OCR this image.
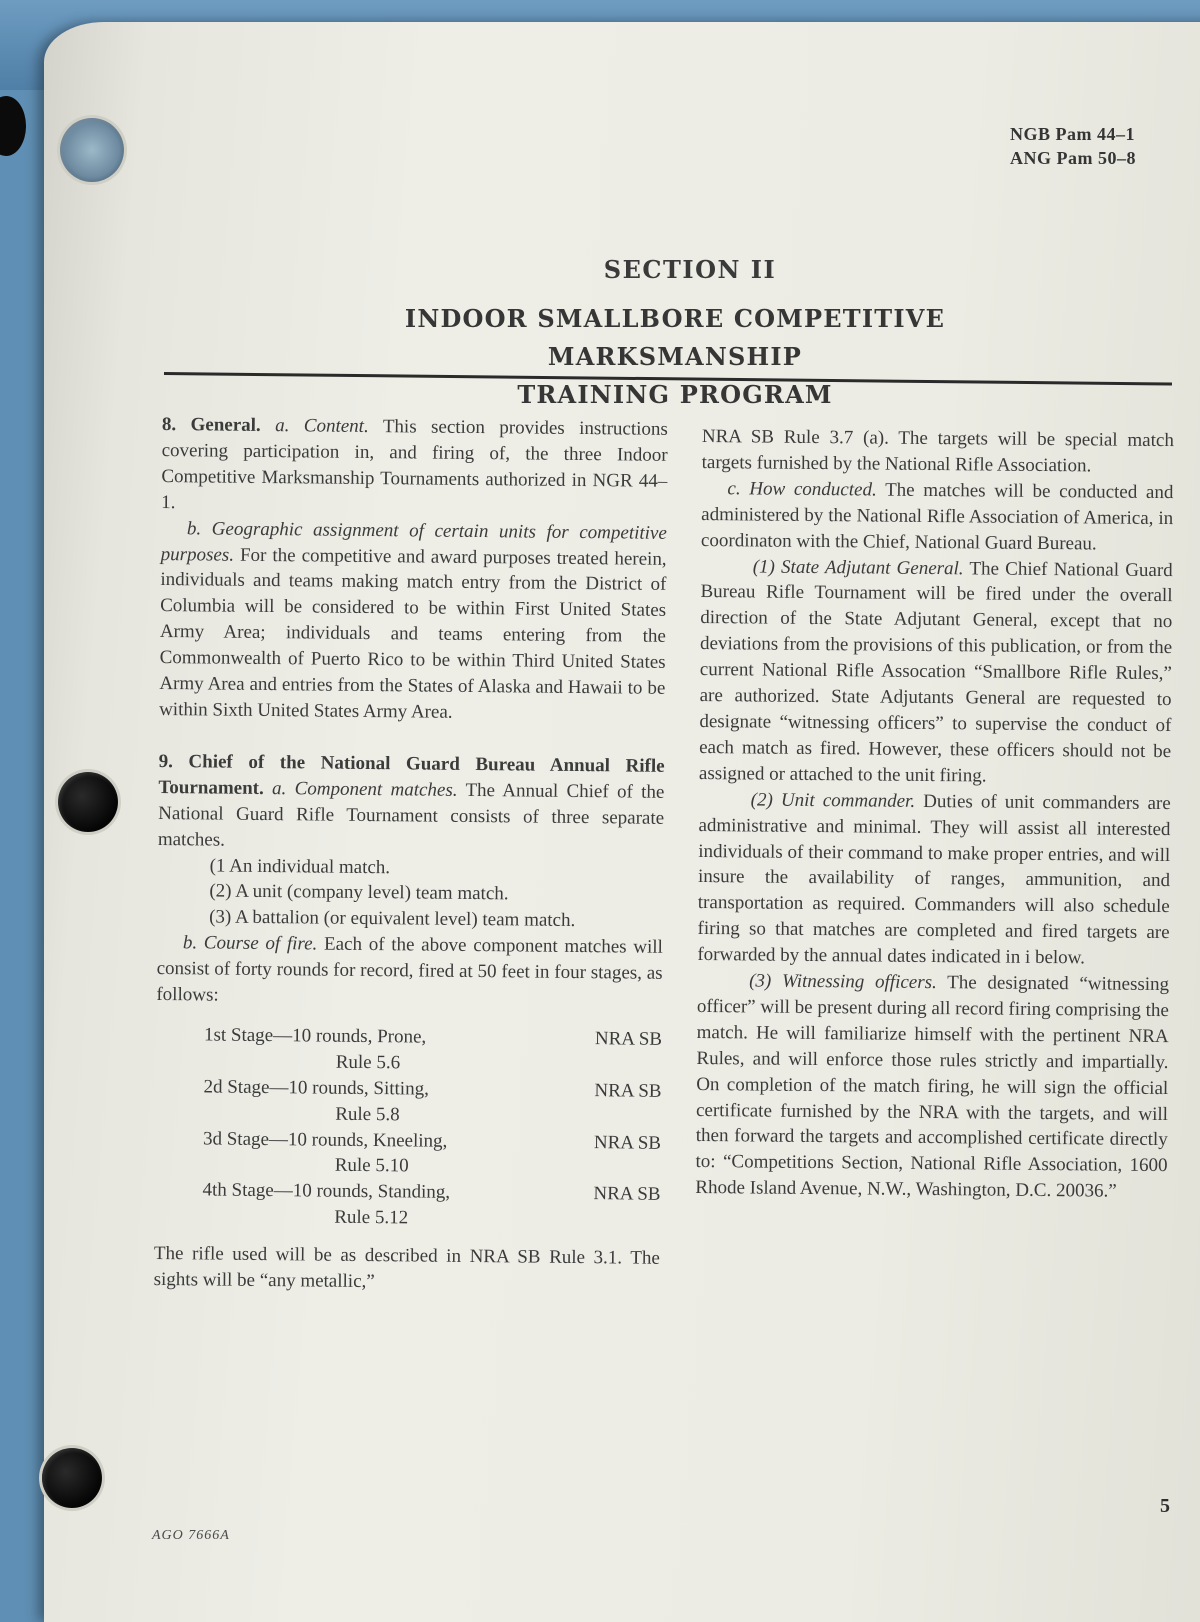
NGB Pam 44–1
ANG Pam 50–8
SECTION II
INDOOR SMALLBORE COMPETITIVE MARKSMANSHIP
TRAINING PROGRAM

8. General. a. Content. This section provides instructions covering participation in, and firing of, the three Indoor Competitive Marksmanship Tournaments authorized in NGR 44–1.

b. Geographic assignment of certain units for competitive purposes. For the competitive and award purposes treated herein, individuals and teams making match entry from the District of Columbia will be considered to be within First United States Army Area; individuals and teams entering from the Commonwealth of Puerto Rico to be within Third United States Army Area and entries from the States of Alaska and Hawaii to be within Sixth United States Army Area.

9. Chief of the National Guard Bureau Annual Rifle Tournament. a. Component matches. The Annual Chief of the National Guard Rifle Tournament consists of three separate matches.

(1 An individual match.

(2) A unit (company level) team match.

(3) A battalion (or equivalent level) team match.

b. Course of fire. Each of the above component matches will consist of forty rounds for record, fired at 50 feet in four stages, as follows:

1st Stage—10 rounds, Prone,	NRA SB
Rule 5.6
2d Stage—10 rounds, Sitting,	NRA SB
Rule 5.8
3d Stage—10 rounds, Kneeling,	NRA SB
Rule 5.10
4th Stage—10 rounds, Standing,	NRA SB
Rule 5.12

The rifle used will be as described in NRA SB Rule 3.1. The sights will be “any metallic,”

NRA SB Rule 3.7 (a). The targets will be special match targets furnished by the National Rifle Association.

c. How conducted. The matches will be conducted and administered by the National Rifle Association of America, in coordinaton with the Chief, National Guard Bureau.

(1) State Adjutant General. The Chief National Guard Bureau Rifle Tournament will be fired under the overall direction of the State Adjutant General, except that no deviations from the provisions of this publication, or from the current National Rifle Assocation “Smallbore Rifle Rules,” are authorized. State Adjutants General are requested to designate “witnessing officers” to supervise the conduct of each match as fired. However, these officers should not be assigned or attached to the unit firing.

(2) Unit commander. Duties of unit commanders are administrative and minimal. They will assist all interested individuals of their command to make proper entries, and will insure the availability of ranges, ammunition, and transportation as required. Commanders will also schedule firing so that matches are completed and fired targets are forwarded by the annual dates indicated in i below.

(3) Witnessing officers. The designated “witnessing officer” will be present during all record firing comprising the match. He will familiarize himself with the pertinent NRA Rules, and will enforce those rules strictly and impartially. On completion of the match firing, he will sign the official certificate furnished by the NRA with the targets, and will then forward the targets and accomplished certificate directly to: “Competitions Section, National Rifle Association, 1600 Rhode Island Avenue, N.W., Washington, D.C. 20036.”

5
AGO 7666A
